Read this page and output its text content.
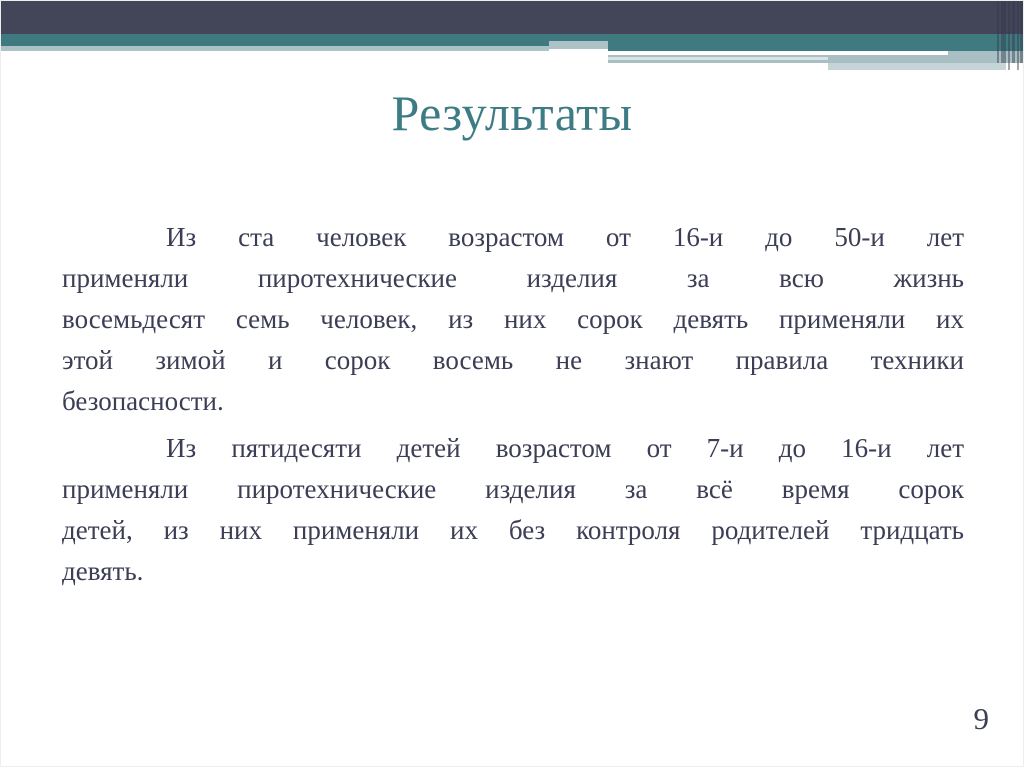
Результаты
Из ста человек возрастом от 16-и до 50-и лет
применяли пиротехнические изделия за всю жизнь
восемьдесят семь человек, из них сорок девять применяли их
этой зимой и сорок восемь не знают правила техники
безопасности.
Из пятидесяти детей возрастом от 7-и до 16-и лет
применяли пиротехнические изделия за всё время сорок
детей, из них применяли их без контроля родителей тридцать
девять.
9
